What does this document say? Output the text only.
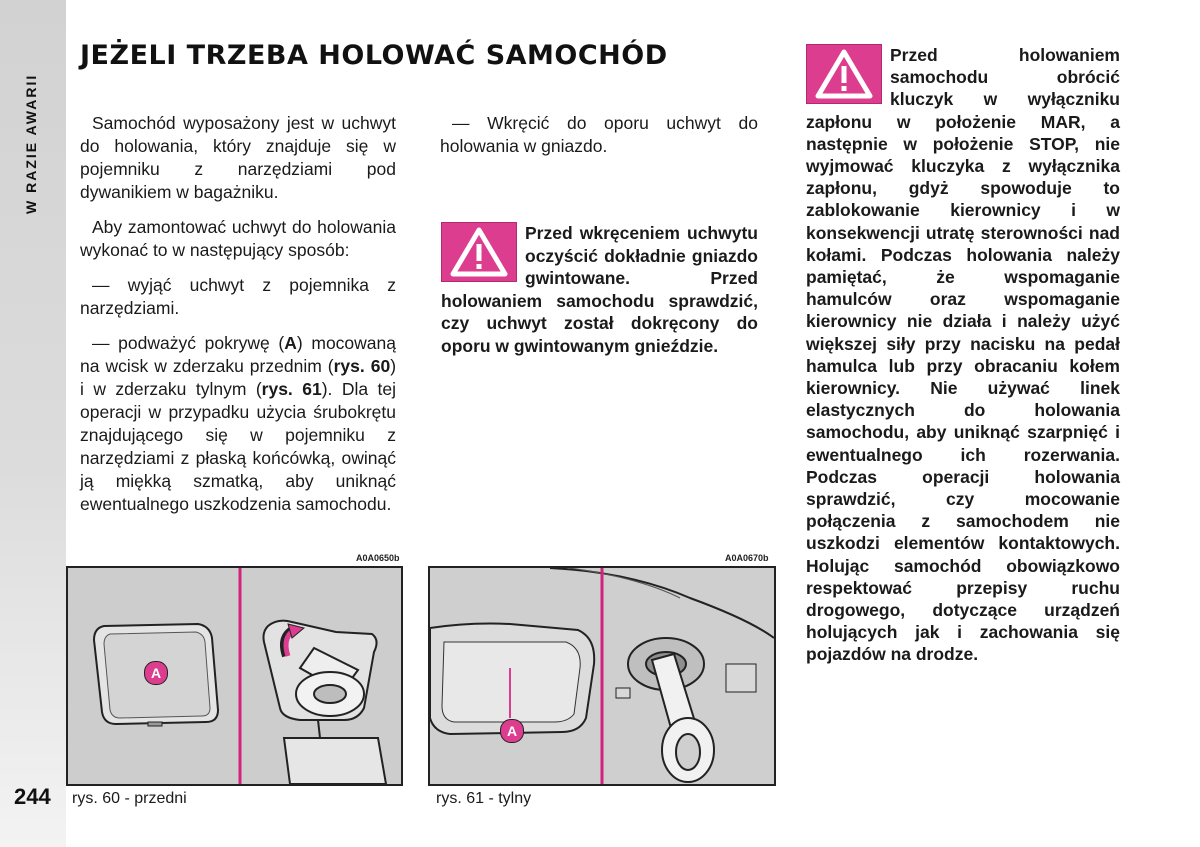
W RAZIE AWARII
244
JEŻELI TRZEBA HOLOWAĆ SAMOCHÓD

Samochód wyposażony jest w uchwyt do holowania, który znajduje się w pojemniku z narzędziami pod dywanikiem w bagażniku.

Aby zamontować uchwyt do holowania wykonać to w następujący sposób:

— wyjąć uchwyt z pojemnika z narzędziami.

— podważyć pokrywę (A) mocowaną na wcisk w zderzaku przednim (rys. 60) i w zderzaku tylnym (rys. 61). Dla tej operacji w przypadku użycia śrubokrętu znajdującego się w pojemniku z narzędziami z płaską końcówką, owinąć ją miękką szmatką, aby uniknąć ewentualnego uszkodzenia samochodu.

— Wkręcić do oporu uchwyt do holowania w gniazdo.

Przed wkręceniem uchwytu oczyścić dokładnie gniazdo gwintowane. Przed holowaniem samochodu sprawdzić, czy uchwyt został dokręcony do oporu w gwintowanym gnieździe.

Przed holowaniem samochodu obrócić kluczyk w wyłączniku zapłonu w położenie MAR, a następnie w położenie STOP, nie wyjmować kluczyka z wyłącznika zapłonu, gdyż spowoduje to zablokowanie kierownicy i w konsekwencji utratę sterowności nad kołami. Podczas holowania należy pamiętać, że wspomaganie hamulców oraz wspomaganie kierownicy nie działa i należy użyć większej siły przy nacisku na pedał hamulca lub przy obracaniu kołem kierownicy. Nie używać linek elastycznych do holowania samochodu, aby uniknąć szarpnięć i ewentualnego ich rozerwania. Podczas operacji holowania sprawdzić, czy mocowanie połączenia z samochodem nie uszkodzi elementów kontaktowych. Holując samochód obowiązkowo respektować przepisy ruchu drogowego, dotyczące urządzeń holujących jak i zachowania się pojazdów na drodze.

A0A0650b
A
rys. 60 - przedni
A0A0670b
A
rys. 61 - tylny
